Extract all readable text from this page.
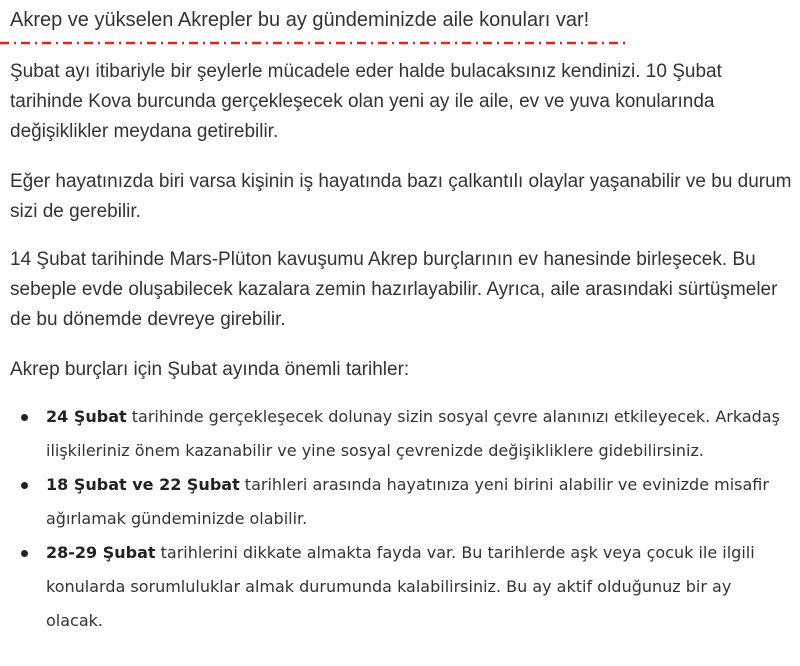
Akrep ve yükselen Akrepler bu ay gündeminizde aile konuları var!

Şubat ayı itibariyle bir şeylerle mücadele eder halde bulacaksınız kendinizi. 10 Şubat tarihinde Kova burcunda gerçekleşecek olan yeni ay ile aile, ev ve yuva konularında değişiklikler meydana getirebilir.

Eğer hayatınızda biri varsa kişinin iş hayatında bazı çalkantılı olaylar yaşanabilir ve bu durum sizi de gerebilir.

14 Şubat tarihinde Mars-Plüton kavuşumu Akrep burçlarının ev hanesinde birleşecek. Bu sebeple evde oluşabilecek kazalara zemin hazırlayabilir. Ayrıca, aile arasındaki sürtüşmeler de bu dönemde devreye girebilir.

Akrep burçları için Şubat ayında önemli tarihler:

24 Şubat tarihinde gerçekleşecek dolunay sizin sosyal çevre alanınızı etkileyecek. Arkadaş ilişkileriniz önem kazanabilir ve yine sosyal çevrenizde değişikliklere gidebilirsiniz.
18 Şubat ve 22 Şubat tarihleri arasında hayatınıza yeni birini alabilir ve evinizde misafir ağırlamak gündeminizde olabilir.
28-29 Şubat tarihlerini dikkate almakta fayda var. Bu tarihlerde aşk veya çocuk ile ilgili konularda sorumluluklar almak durumunda kalabilirsiniz. Bu ay aktif olduğunuz bir ay olacak.
